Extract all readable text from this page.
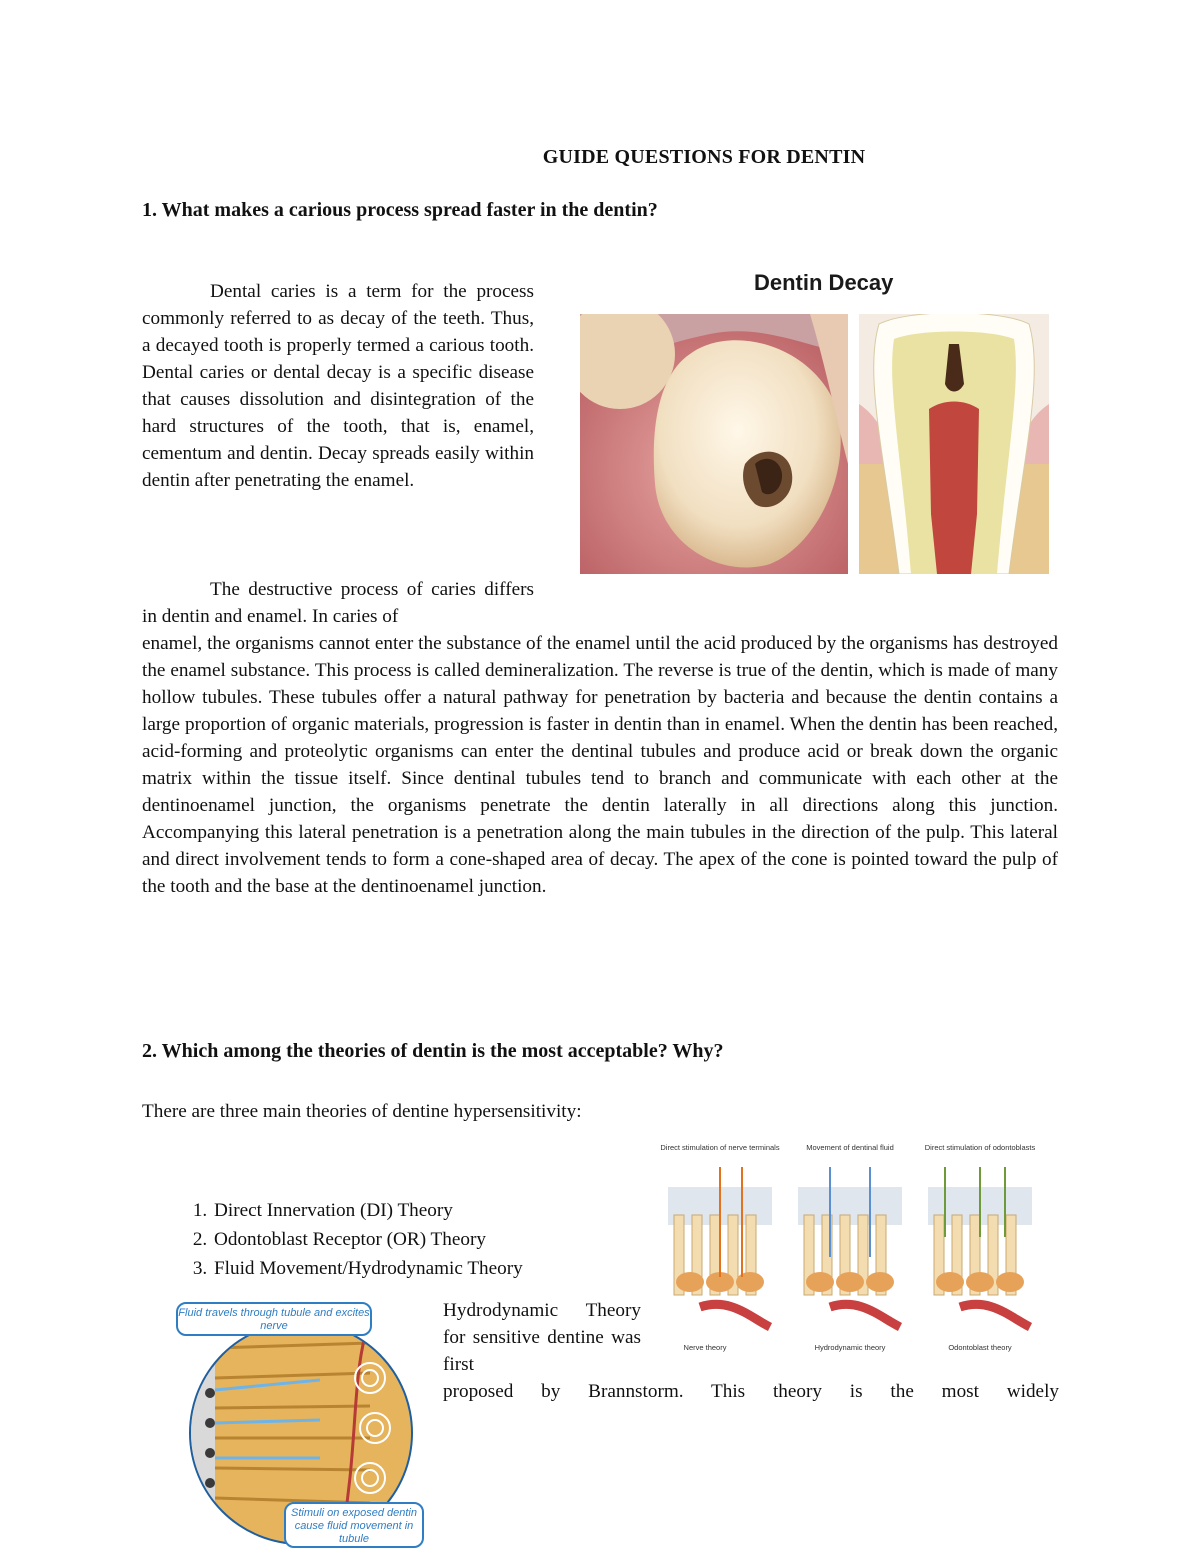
GUIDE QUESTIONS FOR DENTIN
1. What makes a carious process spread faster in the dentin?
Dental caries is a term for the process commonly referred to as decay of the teeth. Thus, a decayed tooth is properly termed a carious tooth. Dental caries or dental decay is a specific disease that causes dissolution and disintegration of the hard structures of the tooth, that is, enamel, cementum and dentin. Decay spreads easily within dentin after penetrating the enamel.
Dentin Decay
The destructive process of caries differs in dentin and enamel. In caries of
enamel, the organisms cannot enter the substance of the enamel until the acid produced by the organisms has destroyed the enamel substance. This process is called demineralization. The reverse is true of the dentin, which is made of many hollow tubules. These tubules offer a natural pathway for penetration by bacteria and because the dentin contains a large proportion of organic materials, progression is faster in dentin than in enamel. When the dentin has been reached, acid-forming and proteolytic organisms can enter the dentinal tubules and produce acid or break down the organic matrix within the tissue itself. Since dentinal tubules tend to branch and communicate with each other at the dentinoenamel junction, the organisms penetrate the dentin laterally in all directions along this junction. Accompanying this lateral penetration is a penetration along the main tubules in the direction of the pulp. This lateral and direct involvement tends to form a cone-shaped area of decay. The apex of the cone is pointed toward the pulp of the tooth and the base at the dentinoenamel junction.
2. Which among the theories of dentin is the most acceptable? Why?
There are three main theories of dentine hypersensitivity:
1. Direct Innervation (DI) Theory
2. Odontoblast Receptor (OR) Theory
3. Fluid Movement/Hydrodynamic Theory
Direct stimulation of nerve terminals	Movement of dentinal fluid	Direct stimulation of odontoblasts
Nerve theory	Hydrodynamic theory	Odontoblast theory
Fluid travels through tubule and excites nerve
Stimuli on exposed dentin cause fluid movement in tubule
Hydrodynamic Theory for sensitive dentine was first
proposed by Brannstorm. This theory is the most widely
